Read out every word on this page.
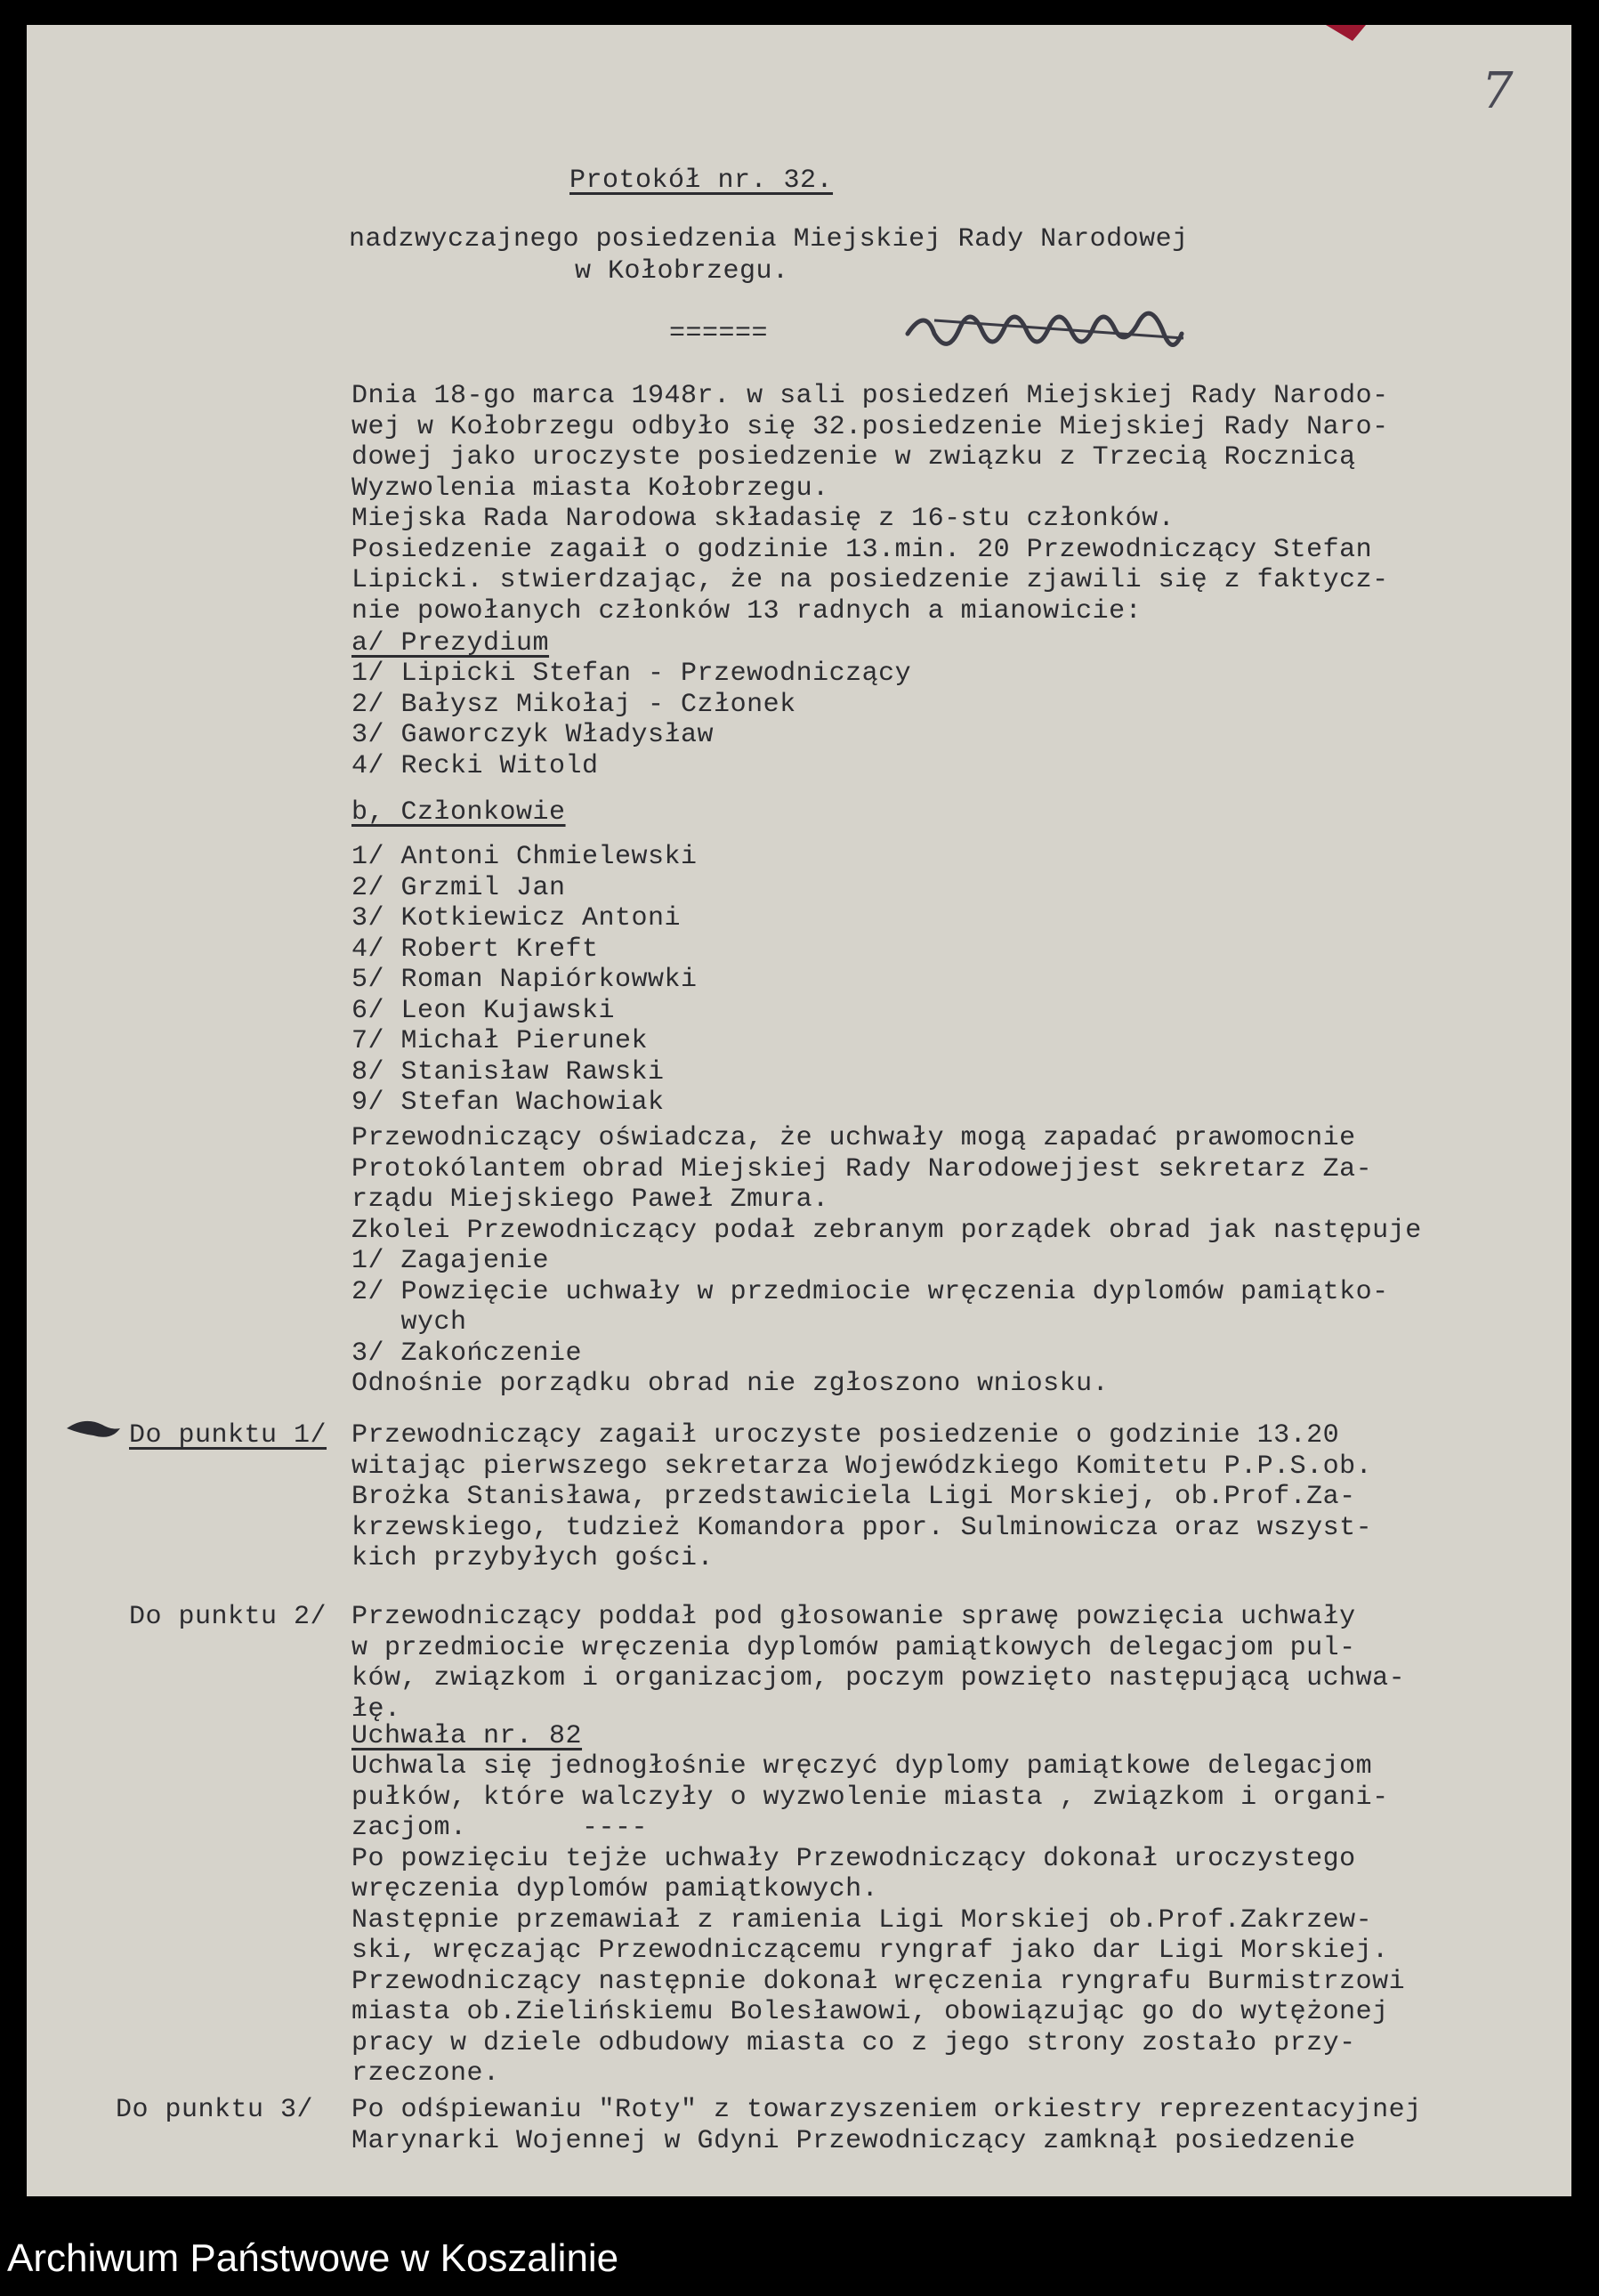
7
Protokół nr. 32.
nadzwyczajnego posiedzenia Miejskiej Rady Narodowej
w Kołobrzegu.
======
Dnia 18-go marca 1948r. w sali posiedzeń Miejskiej Rady Narodo-
wej w Kołobrzegu odbyło się 32.posiedzenie Miejskiej Rady Naro-
dowej jako uroczyste posiedzenie w związku z Trzecią Rocznicą
Wyzwolenia miasta Kołobrzegu.
Miejska Rada Narodowa składasię z 16-stu członków.
Posiedzenie zagaił o godzinie 13.min. 20 Przewodniczący Stefan
Lipicki. stwierdzając, że na posiedzenie zjawili się z faktycz-
nie powołanych członków 13 radnych a mianowicie:
a/ Prezydium
1/ Lipicki Stefan - Przewodniczący
2/ Bałysz Mikołaj - Członek
3/ Gaworczyk Władysław
4/ Recki Witold
b, Członkowie
1/ Antoni Chmielewski
2/ Grzmil Jan
3/ Kotkiewicz Antoni
4/ Robert Kreft
5/ Roman Napiórkowwki
6/ Leon Kujawski
7/ Michał Pierunek
8/ Stanisław Rawski
9/ Stefan Wachowiak
Przewodniczący oświadcza, że uchwały mogą zapadać prawomocnie
Protokólantem obrad Miejskiej Rady Narodowejjest sekretarz Za-
rządu Miejskiego Paweł Zmura.
Zkolei Przewodniczący podał zebranym porządek obrad jak następuje
1/ Zagajenie
2/ Powzięcie uchwały w przedmiocie wręczenia dyplomów pamiątko-
wych
3/ Zakończenie
Odnośnie porządku obrad nie zgłoszono wniosku.
Do punktu 1/ Przewodniczący zagaił uroczyste posiedzenie o godzinie 13.20
witając pierwszego sekretarza Wojewódzkiego Komitetu P.P.S.ob.
Brożka Stanisława, przedstawiciela Ligi Morskiej, ob.Prof.Za-
krzewskiego, tudzież Komandora ppor. Sulminowicza oraz wszyst-
kich przybyłych gości.
Do punktu 2/ Przewodniczący poddał pod głosowanie sprawę powzięcia uchwały
w przedmiocie wręczenia dyplomów pamiątkowych delegacjom pul-
ków, związkom i organizacjom, poczym powzięto następującą uchwa-
łę.
Uchwała nr. 82
Uchwala się jednogłośnie wręczyć dyplomy pamiątkowe delegacjom
pułków, które walczyły o wyzwolenie miasta , związkom i organi-
zacjom.       ----
Po powzięciu tejże uchwały Przewodniczący dokonał uroczystego
wręczenia dyplomów pamiątkowych.
Następnie przemawiał z ramienia Ligi Morskiej ob.Prof.Zakrzew-
ski, wręczając Przewodniczącemu ryngraf jako dar Ligi Morskiej.
Przewodniczący następnie dokonał wręczenia ryngrafu Burmistrzowi
miasta ob.Zielińskiemu Bolesławowi, obowiązując go do wytężonej
pracy w dziele odbudowy miasta co z jego strony zostało przy-
rzeczone.
Do punktu 3/ Po odśpiewaniu "Roty" z towarzyszeniem orkiestry reprezentacyjnej
Marynarki Wojennej w Gdyni Przewodniczący zamknął posiedzenie
Archiwum Państwowe w Koszalinie
